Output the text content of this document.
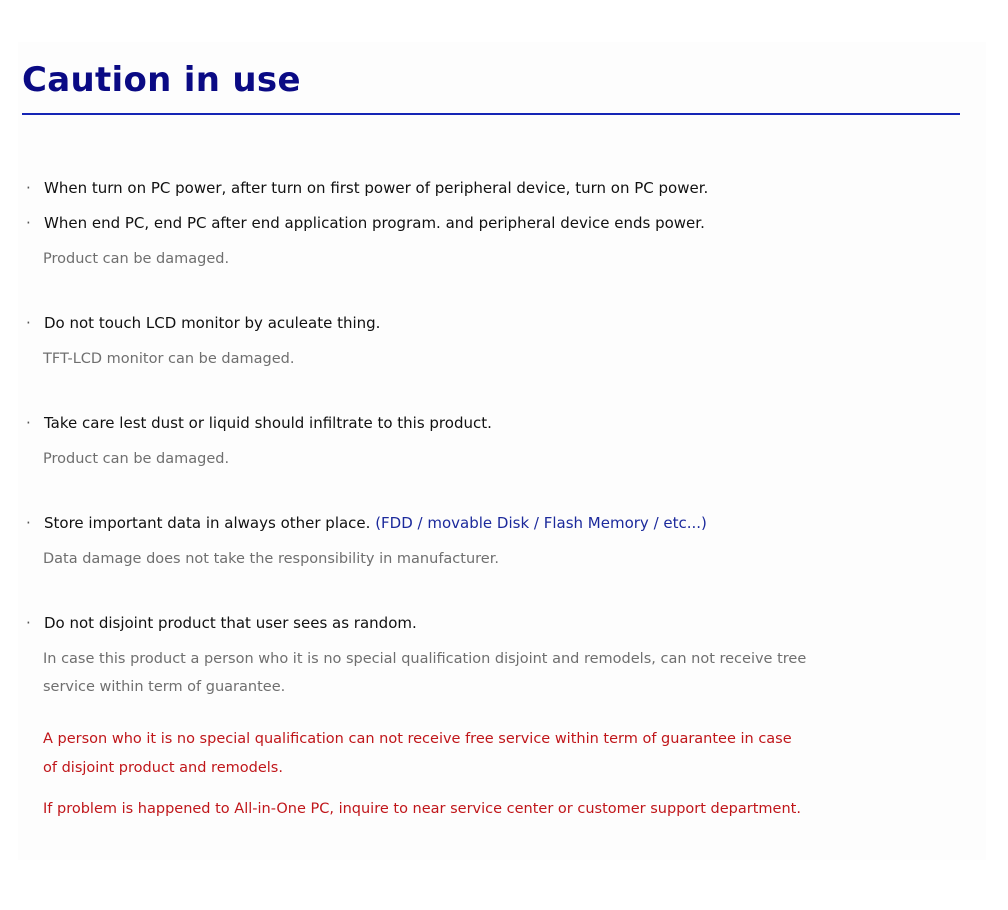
Caution in use
· When turn on PC power, after turn on first power of peripheral device, turn on PC power.
· When end PC, end PC after end application program. and peripheral device ends power.
Product can be damaged.
· Do not touch LCD monitor by aculeate thing.
TFT-LCD monitor can be damaged.
· Take care lest dust or liquid should infiltrate to this product.
Product can be damaged.
· Store important data in always other place. (FDD / movable Disk / Flash Memory / etc...)
Data damage does not take the responsibility in manufacturer.
· Do not disjoint product that user sees as random.
In case this product a person who it is no special qualification disjoint and remodels, can not receive tree
service within term of guarantee.
A person who it is no special qualification can not receive free service within term of guarantee in case
of disjoint product and remodels.
If problem is happened to All-in-One PC, inquire to near service center or customer support department.
